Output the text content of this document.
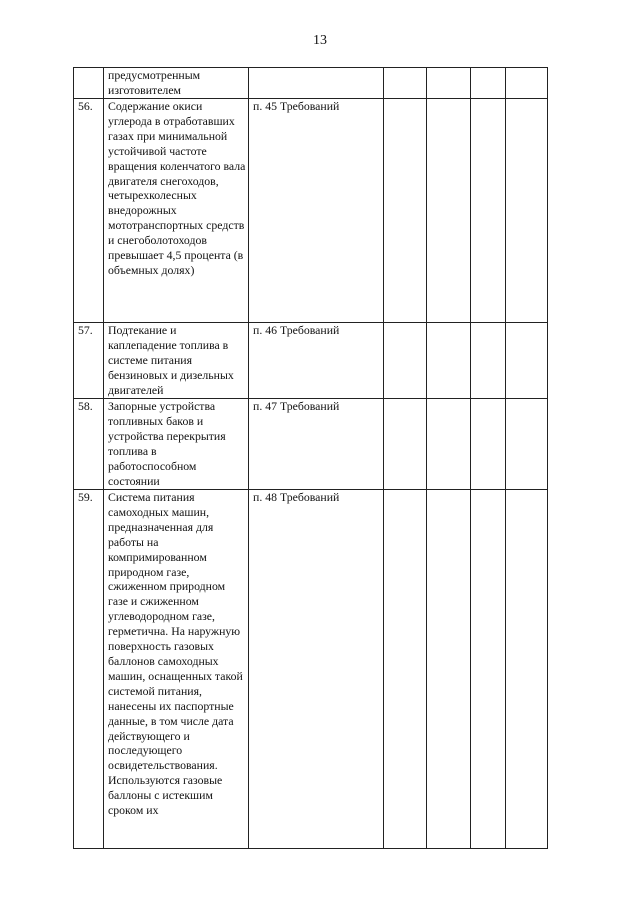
13
	предусмотренным изготовителем					
56.	Содержание окиси углерода в отработавших газах при минимальной устойчивой частоте вращения коленчатого вала двигателя снегоходов, четырехколесных внедорожных мототранспортных средств и снегоболотоходов превышает 4,5 процента (в объемных долях)	п. 45 Требований				
57.	Подтекание и каплепадение топлива в системе питания бензиновых и дизельных двигателей	п. 46 Требований				
58.	Запорные устройства топливных баков и устройства перекрытия топлива в работоспособном состоянии	п. 47 Требований				
59.	Система питания самоходных машин, предназначенная для работы на компримированном природном газе, сжиженном природном газе и сжиженном углеводородном газе, герметична. На наружную поверхность газовых баллонов самоходных машин, оснащенных такой системой питания, нанесены их паспортные данные, в том числе дата действующего и последующего освидетельствования. Используются газовые баллоны с истекшим сроком их	п. 48 Требований				
